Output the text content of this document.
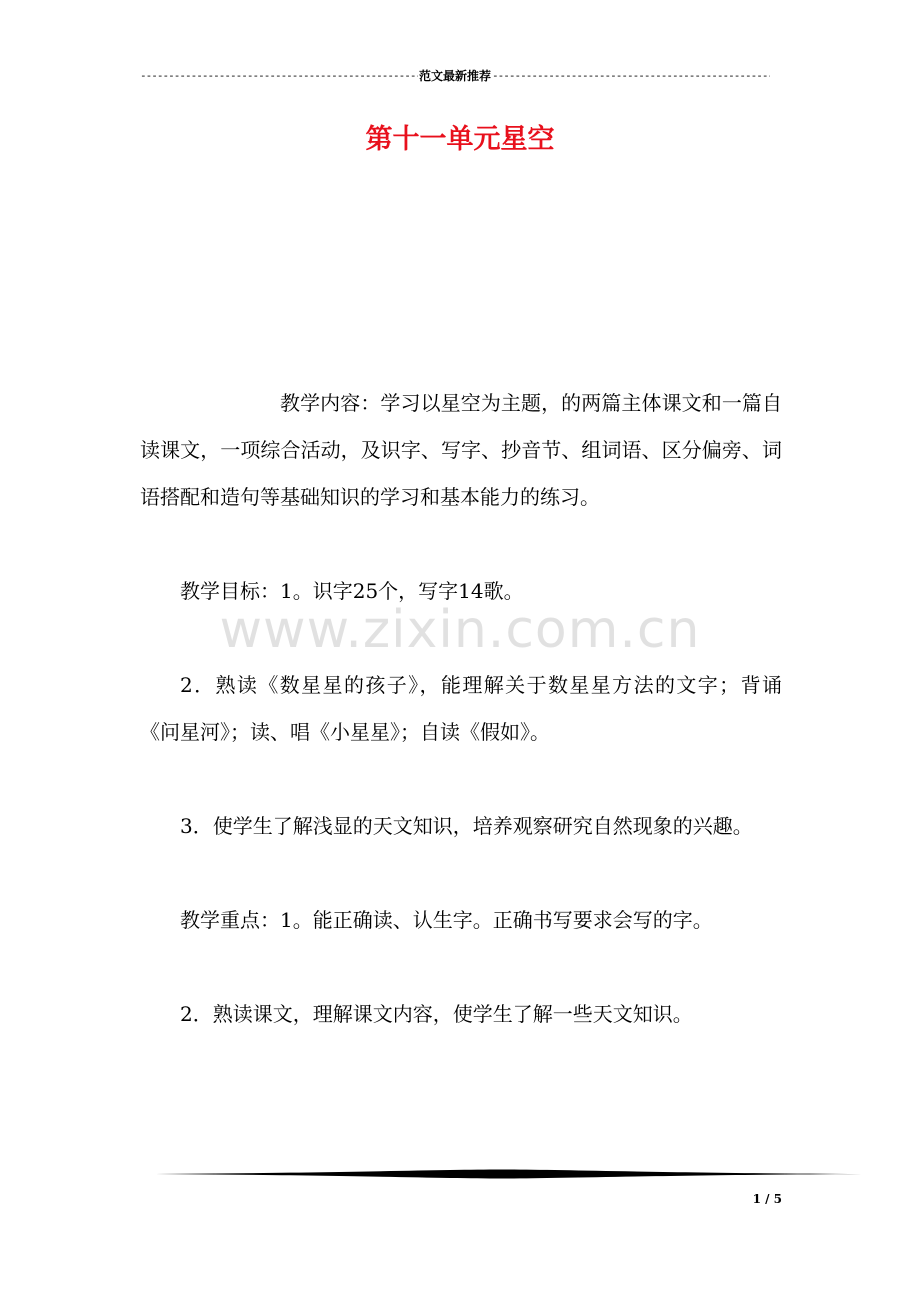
-----
范文最新推荐
-----
第十一单元星空

教学内容：学习以星空为主题，的两篇主体课文和一篇自读课文，一项综合活动，及识字、写字、抄音节、组词语、区分偏旁、词语搭配和造句等基础知识的学习和基本能力的练习。

教学目标：1。识字25个，写字14歌。

2．熟读《数星星的孩子》，能理解关于数星星方法的文字；背诵《问星河》；读、唱《小星星》；自读《假如》。

3．使学生了解浅显的天文知识，培养观察研究自然现象的兴趣。

教学重点：1。能正确读、认生字。正确书写要求会写的字。

2．熟读课文，理解课文内容，使学生了解一些天文知识。

www.zixin.com.cn
1 / 5
